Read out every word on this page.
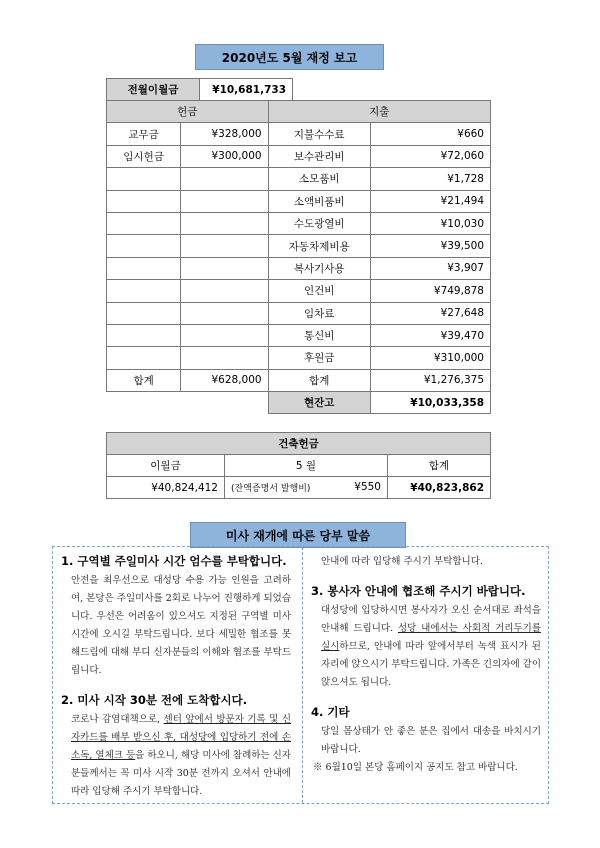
2020년도 5월 재정 보고
전월이월금	¥10,681,733
헌금		지출	
교무금	¥328,000	지불수수료	¥660
임시헌금	¥300,000	보수관리비	¥72,060
		소모품비	¥1,728
		소액비품비	¥21,494
		수도광열비	¥10,030
		자동차제비용	¥39,500
		복사기사용	¥3,907
		인건비	¥749,878
		임차료	¥27,648
		통신비	¥39,470
		후원금	¥310,000
합계	¥628,000	합계	¥1,276,375
		현잔고	¥10,033,358
건축헌금		
이월금	5 월	합계
¥40,824,412	(잔액증명서 발행비) ¥550	¥40,823,862
미사 재개에 따른 당부 말씀
1. 구역별 주일미사 시간 엄수를 부탁합니다.
안전을 최우선으로 대성당 수용 가능 인원을 고려하여, 본당은 주일미사를 2회로 나누어 진행하게 되었습니다. 우선은 어려움이 있으셔도 지정된 구역별 미사시간에 오시길 부탁드립니다. 보다 세밀한 협조를 못 해드림에 대해 부디 신자분들의 이해와 협조를 부탁드립니다.
2. 미사 시작 30분 전에 도착합시다.
코로나 감염대책으로, 센터 앞에서 방문자 기록 및 신자카드를 배부 받으신 후, 대성당에 입당하기 전에 손소독, 열체크 등을 하오니, 해당 미사에 참례하는 신자분들께서는 꼭 미사 시작 30분 전까지 오셔서 안내에 따라 입당해 주시기 부탁합니다.
안내에 따라 입당해 주시기 부탁합니다.
3. 봉사자 안내에 협조해 주시기 바랍니다.
대성당에 입당하시면 봉사자가 오신 순서대로 좌석을 안내해 드립니다. 성당 내에서는 사회적 거리두기를 실시하므로, 안내에 따라 앞에서부터 녹색 표시가 된 자리에 앉으시기 부탁드립니다. 가족은 긴의자에 같이 앉으셔도 됩니다.
4. 기타
당일 몸상태가 안 좋은 분은 집에서 대송을 바치시기 바랍니다.
※ 6월10일 본당 홈페이지 공지도 참고 바랍니다.
